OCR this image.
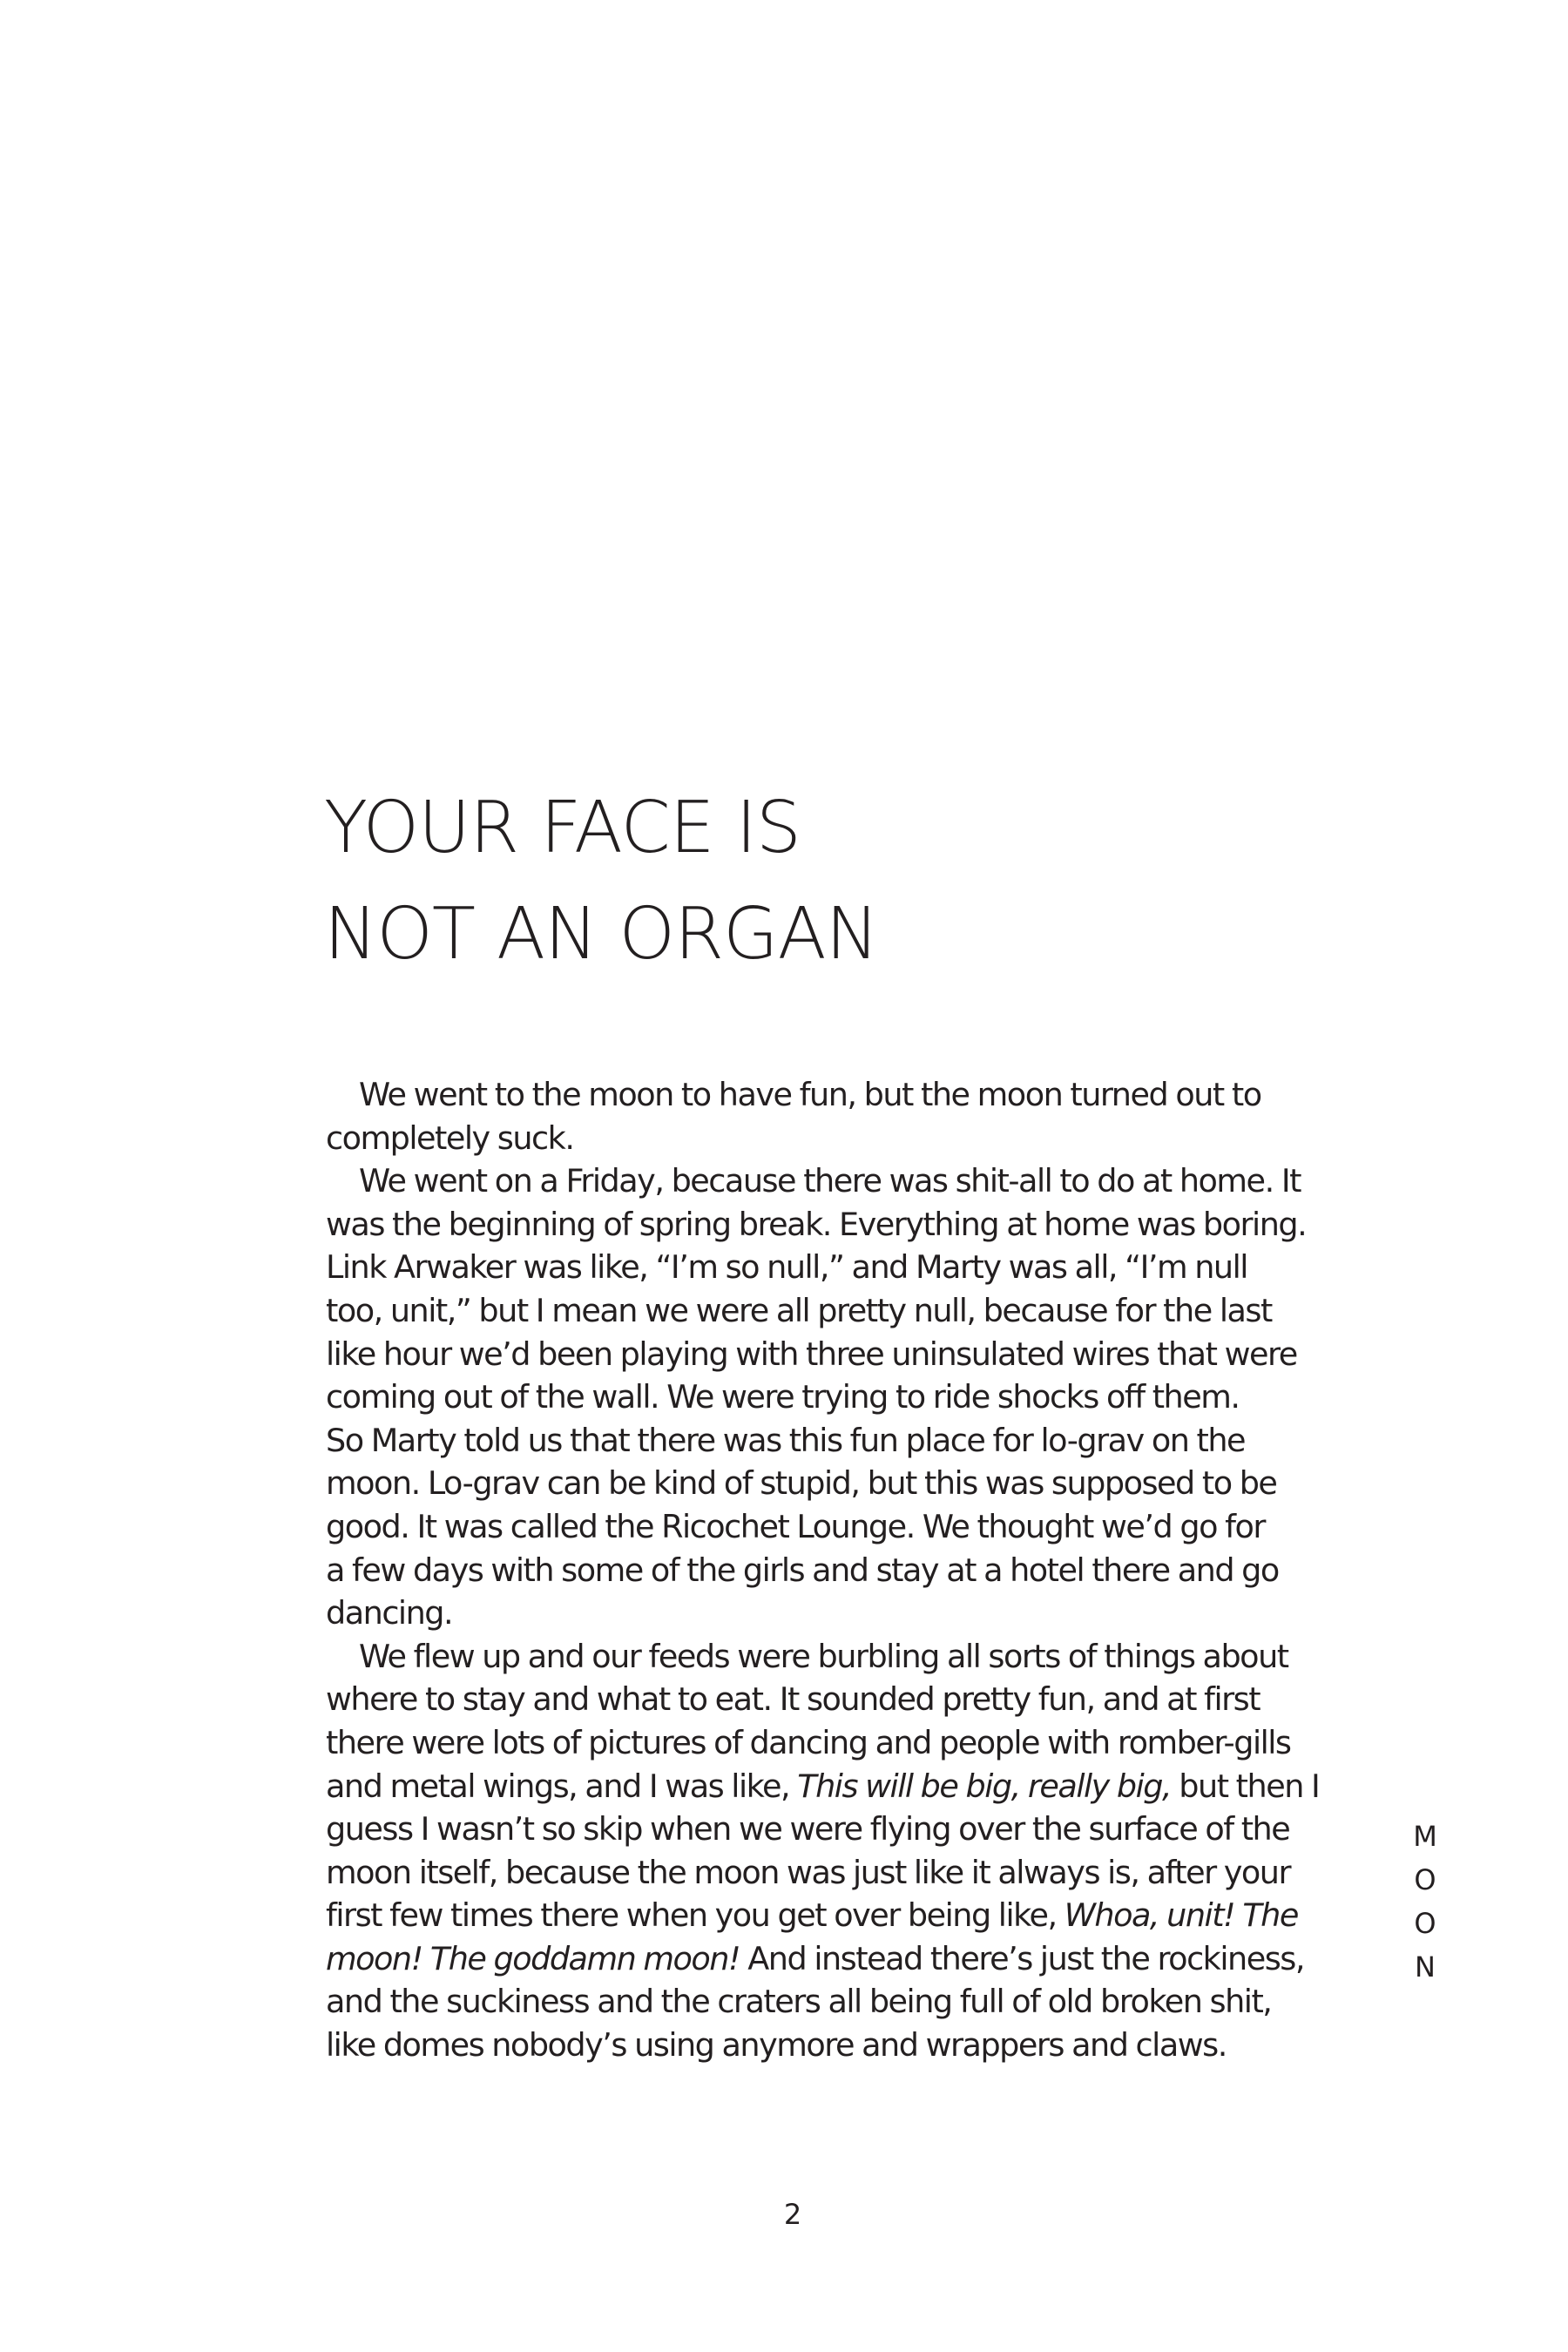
YOUR FACE IS
NOT AN ORGAN
We went to the moon to have fun, but the moon turned out to
completely suck.
We went on a Friday, because there was shit-all to do at home. It
was the beginning of spring break. Everything at home was boring.
Link Arwaker was like, “I’m so null,” and Marty was all, “I’m null
too, unit,” but I mean we were all pretty null, because for the last
like hour we’d been playing with three uninsulated wires that were
coming out of the wall. We were trying to ride shocks off them.
So Marty told us that there was this fun place for lo-grav on the
moon. Lo-grav can be kind of stupid, but this was supposed to be
good. It was called the Ricochet Lounge. We thought we’d go for
a few days with some of the girls and stay at a hotel there and go
dancing.
We flew up and our feeds were burbling all sorts of things about
where to stay and what to eat. It sounded pretty fun, and at first
there were lots of pictures of dancing and people with romber-gills
and metal wings, and I was like, This will be big, really big, but then I
guess I wasn’t so skip when we were flying over the surface of the
moon itself, because the moon was just like it always is, after your
first few times there when you get over being like, Whoa, unit! The
moon! The goddamn moon! And instead there’s just the rockiness,
and the suckiness and the craters all being full of old broken shit,
like domes nobody’s using anymore and wrappers and claws.
M
O
O
N
2
